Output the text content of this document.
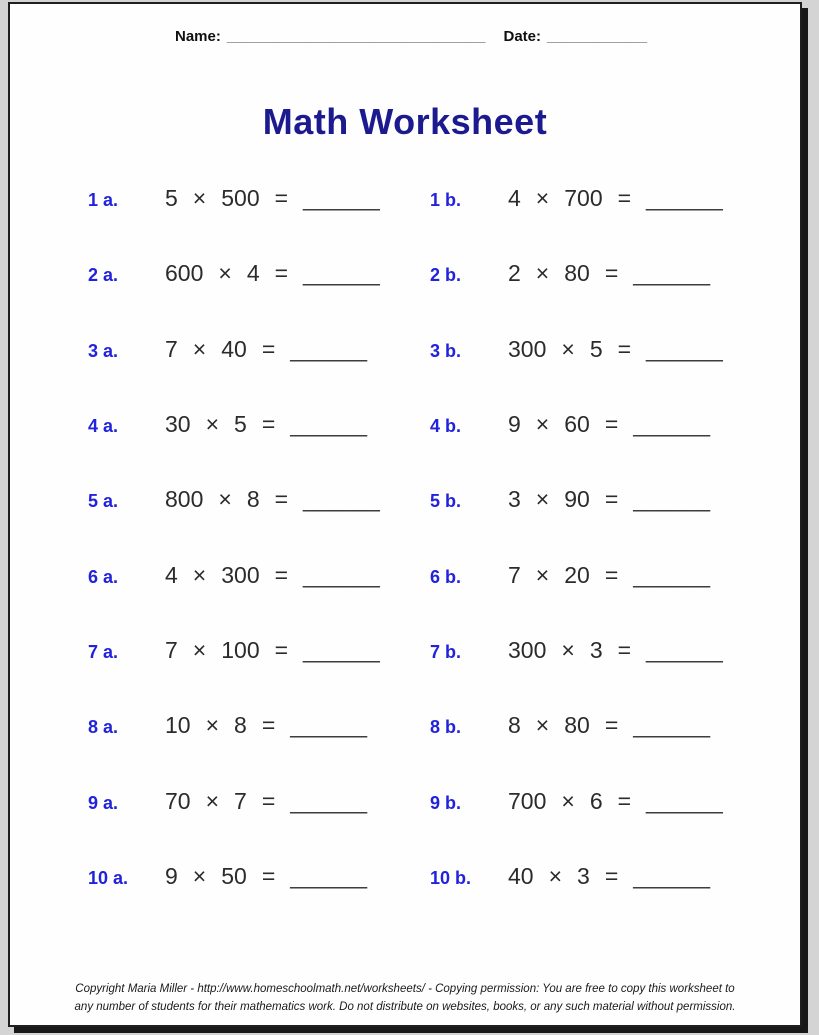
Name: _______________________________ Date: ____________
Math Worksheet
1 a.	5 × 500 = ______	1 b.	4 × 700 = ______
2 a.	600 × 4 = ______	2 b.	2 × 80 = ______
3 a.	7 × 40 = ______	3 b.	300 × 5 = ______
4 a.	30 × 5 = ______	4 b.	9 × 60 = ______
5 a.	800 × 8 = ______	5 b.	3 × 90 = ______
6 a.	4 × 300 = ______	6 b.	7 × 20 = ______
7 a.	7 × 100 = ______	7 b.	300 × 3 = ______
8 a.	10 × 8 = ______	8 b.	8 × 80 = ______
9 a.	70 × 7 = ______	9 b.	700 × 6 = ______
10 a.	9 × 50 = ______	10 b.	40 × 3 = ______
Copyright Maria Miller - http://www.homeschoolmath.net/worksheets/ - Copying permission: You are free to copy this worksheet to any number of students for their mathematics work. Do not distribute on websites, books, or any such material without permission.
